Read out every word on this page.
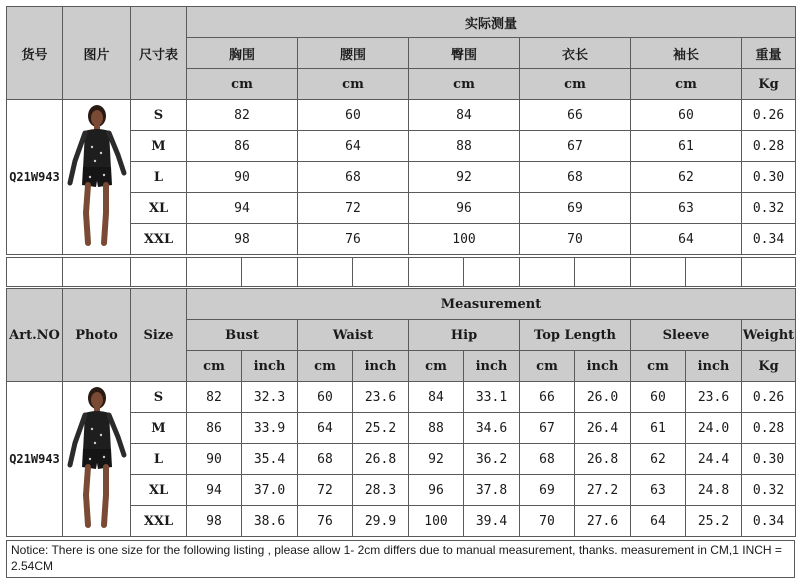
货号	图片	尺寸表	实际测量					
			胸围	腰围	臀围	衣长	袖长	重量
			cm	cm	cm	cm	cm	Kg
Q21W943		S	82	60	84	66	60	0.26
		M	86	64	88	67	61	0.28
		L	90	68	92	68	62	0.30
		XL	94	72	96	69	63	0.32
		XXL	98	76	100	70	64	0.34

Art.NO	Photo	Size	Measurement										
			Bust		Waist		Hip		Top Length		Sleeve		Weight
			cm	inch	cm	inch	cm	inch	cm	inch	cm	inch	Kg
Q21W943		S	82	32.3	60	23.6	84	33.1	66	26.0	60	23.6	0.26
		M	86	33.9	64	25.2	88	34.6	67	26.4	61	24.0	0.28
		L	90	35.4	68	26.8	92	36.2	68	26.8	62	24.4	0.30
		XL	94	37.0	72	28.3	96	37.8	69	27.2	63	24.8	0.32
		XXL	98	38.6	76	29.9	100	39.4	70	27.6	64	25.2	0.34
Notice: There is one size for the following listing , please allow 1- 2cm differs due to manual measurement, thanks. measurement in CM,1 INCH = 2.54CM
